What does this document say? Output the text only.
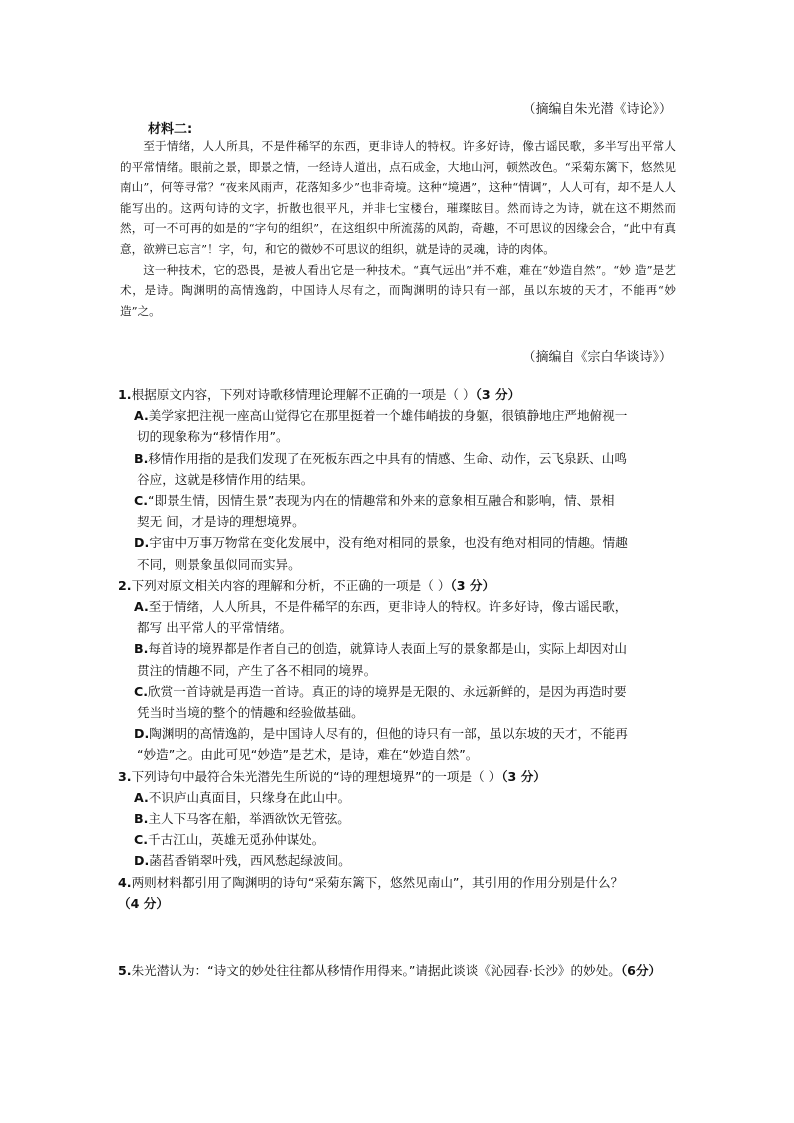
（摘编自朱光潜《诗论》）
材料二:

至于情绪，人人所具，不是件稀罕的东西，更非诗人的特权。许多好诗，像古谣民歌，多半写出平常人的平常情绪。眼前之景，即景之情，一经诗人道出，点石成金，大地山河，顿然改色。“采菊东篱下，悠然见南山”，何等寻常？“夜来风雨声，花落知多少”也非奇境。这种“境遇”，这种“情调”，人人可有，却不是人人能写出的。这两句诗的文字，折散也很平凡，并非七宝楼台，璀璨眩目。然而诗之为诗，就在这不期然而然，可一不可再的如是的“字句的组织”，在这组织中所流荡的风韵，奇趣，不可思议的因缘会合，“此中有真意，欲辨已忘言”！字，句，和它的微妙不可思议的组织，就是诗的灵魂，诗的肉体。

这一种技术，它的恐畏，是被人看出它是一种技术。“真气远出”并不难，难在“妙造自然”。“妙 造”是艺术，是诗。陶渊明的高情逸韵，中国诗人尽有之，而陶渊明的诗只有一部，虽以东坡的天才，不能再“妙造”之。

（摘编自《宗白华谈诗》）

1.根据原文内容，下列对诗歌移情理论理解不正确的一项是（ ）（3 分）

A.美学家把注视一座高山觉得它在那里挺着一个雄伟峭拔的身躯，很镇静地庄严地俯视一
切的现象称为“移情作用”。
B.移情作用指的是我们发现了在死板东西之中具有的情感、生命、动作，云飞泉跃、山鸣
谷应，这就是移情作用的结果。
C.“即景生情，因情生景”表现为内在的情趣常和外来的意象相互融合和影响，情、景相
契无 间，才是诗的理想境界。
D.宇宙中万事万物常在变化发展中，没有绝对相同的景象，也没有绝对相同的情趣。情趣
不同，则景象虽似同而实异。

2.下列对原文相关内容的理解和分析，不正确的一项是（ ）（3 分）

A.至于情绪，人人所具，不是件稀罕的东西，更非诗人的特权。许多好诗，像古谣民歌，
都写 出平常人的平常情绪。
B.每首诗的境界都是作者自己的创造，就算诗人表面上写的景象都是山，实际上却因对山
贯注的情趣不同，产生了各不相同的境界。
C.欣赏一首诗就是再造一首诗。真正的诗的境界是无限的、永远新鲜的，是因为再造时要
凭当时当境的整个的情趣和经验做基础。
D.陶渊明的高情逸韵，是中国诗人尽有的，但他的诗只有一部，虽以东坡的天才，不能再
“妙造”之。由此可见“妙造”是艺术，是诗，难在“妙造自然”。

3.下列诗句中最符合朱光潜先生所说的“诗的理想境界”的一项是（ ）（3 分）

A.不识庐山真面目，只缘身在此山中。
B.主人下马客在船，举酒欲饮无管弦。
C.千古江山，英雄无觅孙仲谋处。
D.菡萏香销翠叶残，西风愁起绿波间。

4.两则材料都引用了陶渊明的诗句“采菊东篱下，悠然见南山”，其引用的作用分别是什么？
（4 分）

5.朱光潜认为：“诗文的妙处往往都从移情作用得来。”请据此谈谈《沁园春·长沙》的妙处。（6分）
